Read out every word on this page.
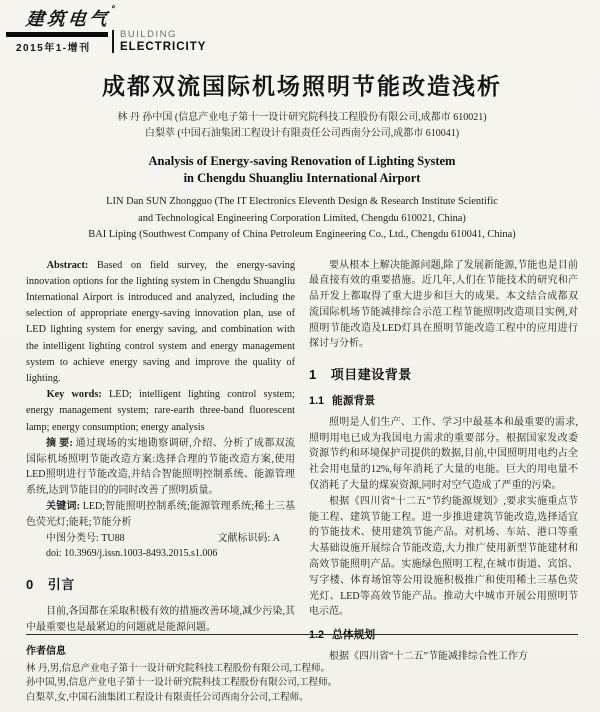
建筑电气°
2015年1-增刊
BUILDING
ELECTRICITY
成都双流国际机场照明节能改造浅析
林 丹 孙中国 (信息产业电子第十一设计研究院科技工程股份有限公司,成都市 610021)
白梨萃 (中国石油集团工程设计有限责任公司西南分公司,成都市 610041)
Analysis of Energy-saving Renovation of Lighting System
in Chengdu Shuangliu International Airport
LIN Dan SUN Zhongguo (The IT Electronics Eleventh Design & Research Institute Scientific
and Technological Engineering Corporation Limited, Chengdu 610021, China)
BAI Liping (Southwest Company of China Petroleum Engineering Co., Ltd., Chengdu 610041, China)

Abstract: Based on field survey, the energy-saving innovation options for the lighting system in Chengdu Shuangliu International Airport is introduced and analyzed, including the selection of appropriate energy-saving innovation plan, use of LED lighting system for energy saving, and combination with the intelligent lighting control system and energy management system to achieve energy saving and improve the quality of lighting.

Key words: LED; intelligent lighting control system; energy management system; rare-earth three-band fluorescent lamp; energy consumption; energy analysis

摘 要: 通过现场的实地勘察调研,介绍、分析了成都双流国际机场照明节能改造方案:选择合理的节能改造方案,使用LED照明进行节能改造,并结合智能照明控制系统、能源管理系统,达到节能目的的同时改善了照明质量。

关键词: LED;智能照明控制系统;能源管理系统;稀土三基色荧光灯;能耗;节能分析

中图分类号: TU88	文献标识码: A

doi: 10.3969/j.issn.1003-8493.2015.s1.006

0 引言

目前,各国都在采取积极有效的措施改善环境,减少污染,其中最重要也是最紧迫的问题就是能源问题。

要从根本上解决能源问题,除了发展新能源,节能也是目前最直接有效的重要措施。近几年,人们在节能技术的研究和产品开发上都取得了重大进步和巨大的成果。本文结合成都双流国际机场节能减排综合示范工程节能照明改造项目实例,对照明节能改造及LED灯具在照明节能改造工程中的应用进行探讨与分析。

1 项目建设背景
1.1 能源背景

照明是人们生产、工作、学习中最基本和最重要的需求,照明用电已成为我国电力需求的重要部分。根据国家发改委资源节约和环境保护司提供的数据,目前,中国照明用电约占全社会用电量的12%,每年消耗了大量的电能。巨大的用电量不仅消耗了大量的煤炭资源,同时对空气造成了严重的污染。

根据《四川省“十二五”节约能源规划》,要求实施重点节能工程、建筑节能工程。进一步推进建筑节能改造,选择适宜的节能技术、使用建筑节能产品。对机场、车站、港口等重大基础设施开展综合节能改造,大力推广使用新型节能建材和高效节能照明产品。实施绿色照明工程,在城市街道、宾馆、写字楼、体育场馆等公用设施积极推广和使用稀土三基色荧光灯、LED等高效节能产品。推动大中城市开展公用照明节电示范。

1.2 总体规划

根据《四川省“十二五”节能减排综合性工作方

作者信息
林 丹,男,信息产业电子第十一设计研究院科技工程股份有限公司,工程师。
孙中国,男,信息产业电子第十一设计研究院科技工程股份有限公司,工程师。
白梨萃,女,中国石油集团工程设计有限责任公司西南分公司,工程师。
